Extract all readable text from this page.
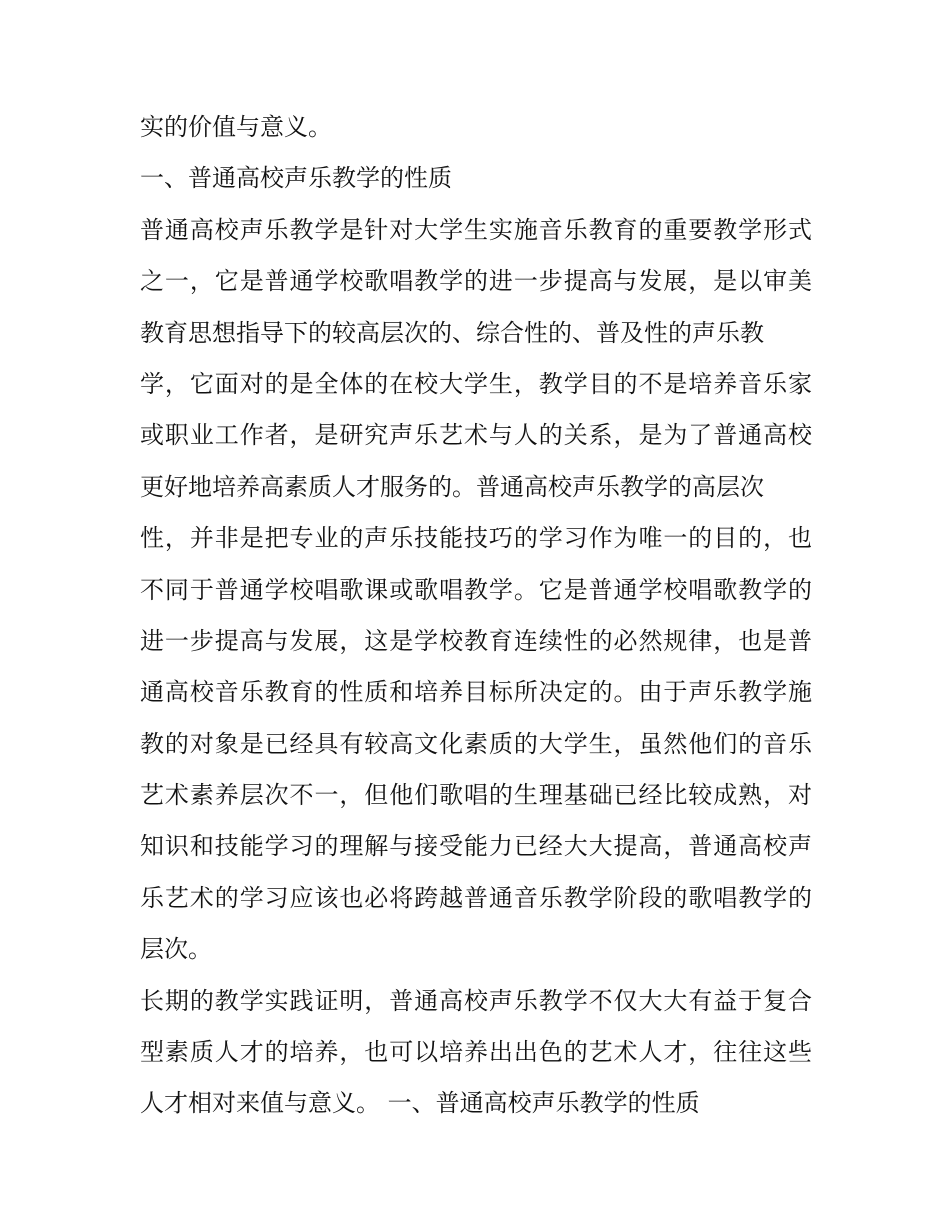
实的价值与意义。
一、普通高校声乐教学的性质
普通高校声乐教学是针对大学生实施音乐教育的重要教学形式
之一，它是普通学校歌唱教学的进一步提高与发展，是以审美
教育思想指导下的较高层次的、综合性的、普及性的声乐教
学，它面对的是全体的在校大学生，教学目的不是培养音乐家
或职业工作者，是研究声乐艺术与人的关系，是为了普通高校
更好地培养高素质人才服务的。普通高校声乐教学的高层次
性，并非是把专业的声乐技能技巧的学习作为唯一的目的，也
不同于普通学校唱歌课或歌唱教学。它是普通学校唱歌教学的
进一步提高与发展，这是学校教育连续性的必然规律，也是普
通高校音乐教育的性质和培养目标所决定的。由于声乐教学施
教的对象是已经具有较高文化素质的大学生，虽然他们的音乐
艺术素养层次不一，但他们歌唱的生理基础已经比较成熟，对
知识和技能学习的理解与接受能力已经大大提高，普通高校声
乐艺术的学习应该也必将跨越普通音乐教学阶段的歌唱教学的
层次。
长期的教学实践证明，普通高校声乐教学不仅大大有益于复合
型素质人才的培养，也可以培养出出色的艺术人才，往往这些
人才相对来值与意义。 一、普通高校声乐教学的性质
